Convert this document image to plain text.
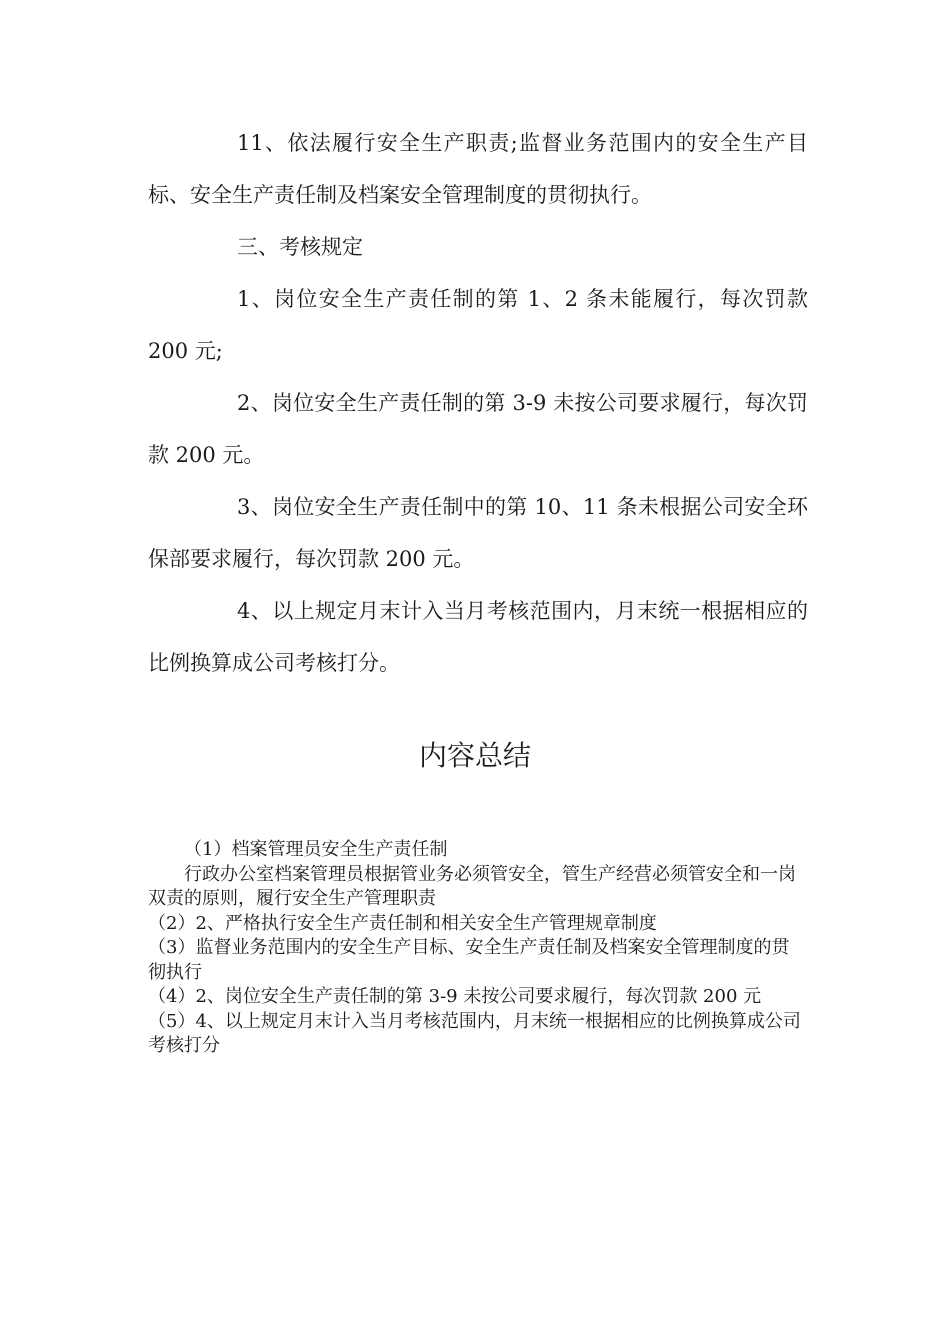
11、依法履行安全生产职责;监督业务范围内的安全生产目标、安全生产责任制及档案安全管理制度的贯彻执行。

三、考核规定

1、岗位安全生产责任制的第 1、2 条未能履行，每次罚款 200 元;

2、岗位安全生产责任制的第 3-9 未按公司要求履行，每次罚款 200 元。

3、岗位安全生产责任制中的第 10、11 条未根据公司安全环保部要求履行，每次罚款 200 元。

4、以上规定月末计入当月考核范围内，月末统一根据相应的比例换算成公司考核打分。

内容总结

（1）档案管理员安全生产责任制

行政办公室档案管理员根据管业务必须管安全，管生产经营必须管安全和一岗双责的原则，履行安全生产管理职责

（2）2、严格执行安全生产责任制和相关安全生产管理规章制度

（3）监督业务范围内的安全生产目标、安全生产责任制及档案安全管理制度的贯彻执行

（4）2、岗位安全生产责任制的第 3-9 未按公司要求履行，每次罚款 200 元

（5）4、以上规定月末计入当月考核范围内，月末统一根据相应的比例换算成公司考核打分
